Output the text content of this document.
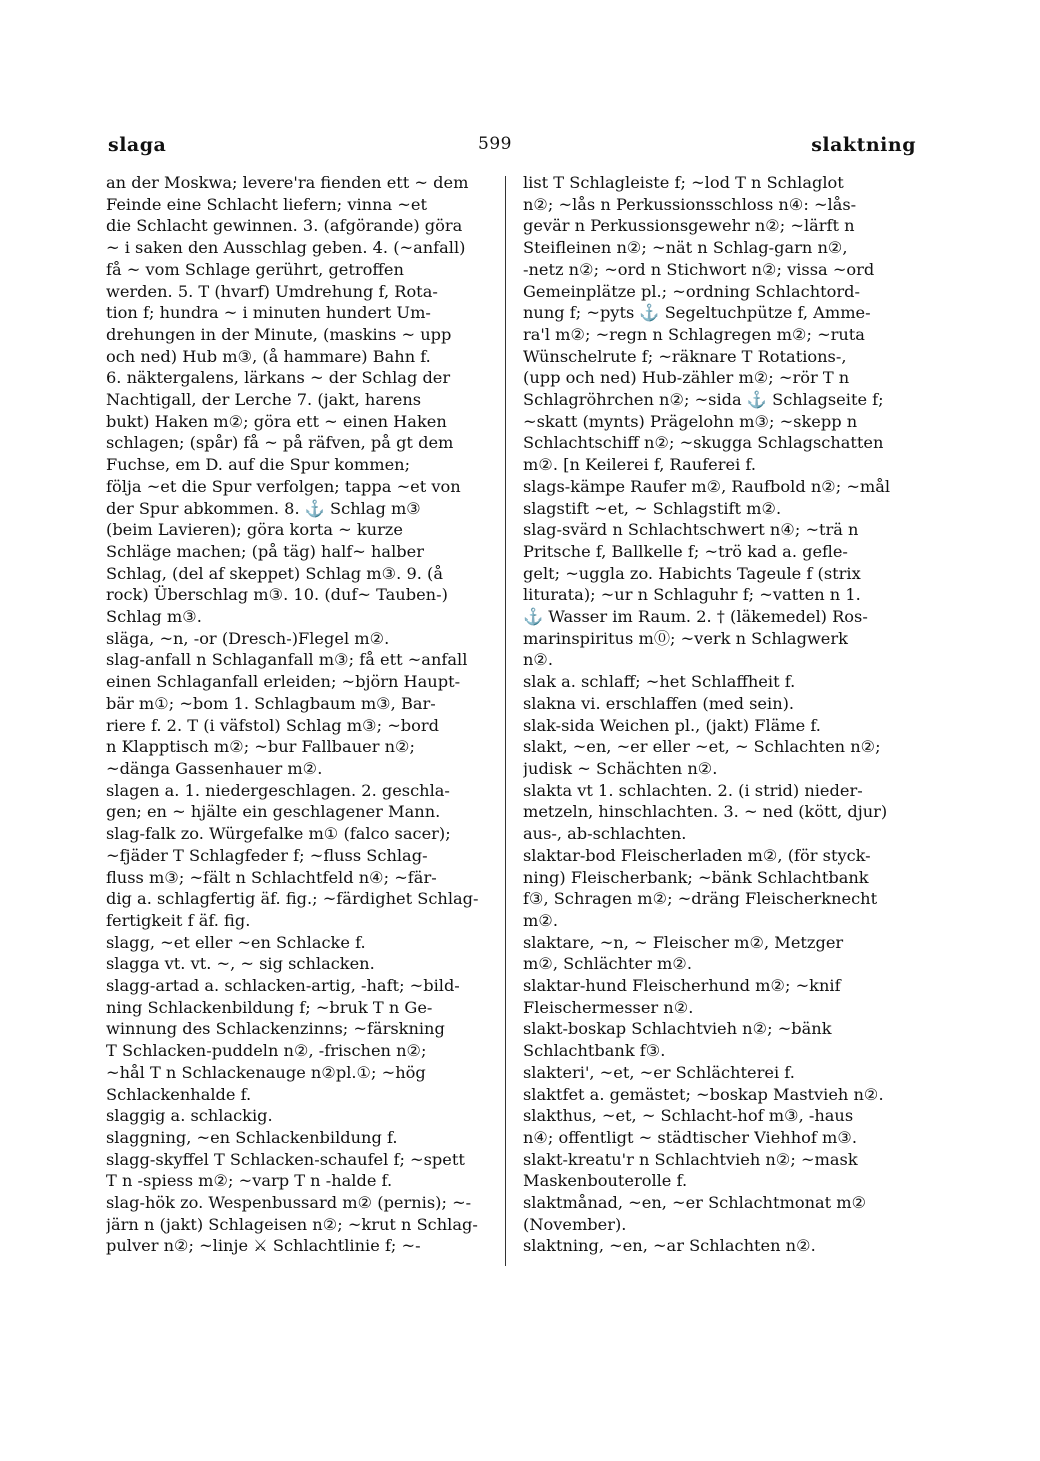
slaga	599	slaktning
an der Moskwa; levere'ra fienden ett ~ dem
Feinde eine Schlacht liefern; vinna ~et
die Schlacht gewinnen. 3. (afgörande) göra
~ i saken den Ausschlag geben. 4. (~anfall)
få ~ vom Schlage gerührt, getroffen
werden. 5. T (hvarf) Umdrehung f, Rota-
tion f; hundra ~ i minuten hundert Um-
drehungen in der Minute, (maskins ~ upp
och ned) Hub m③, (å hammare) Bahn f.
6. näktergalens, lärkans ~ der Schlag der
Nachtigall, der Lerche 7. (jakt, harens
bukt) Haken m②; göra ett ~ einen Haken
schlagen; (spår) få ~ på räfven, på gt dem
Fuchse, em D. auf die Spur kommen;
följa ~et die Spur verfolgen; tappa ~et von
der Spur abkommen. 8. ⚓ Schlag m③
(beim Lavieren); göra korta ~ kurze
Schläge machen; (på täg) half~ halber
Schlag, (del af skeppet) Schlag m③. 9. (å
rock) Überschlag m③. 10. (duf~ Tauben-)
Schlag m③.
släga, ~n, -or (Dresch-)Flegel m②.
slag-anfall n Schlaganfall m③; få ett ~anfall
einen Schlaganfall erleiden; ~björn Haupt-
bär m①; ~bom 1. Schlagbaum m③, Bar-
riere f. 2. T (i väfstol) Schlag m③; ~bord
n Klapptisch m②; ~bur Fallbauer n②;
~dänga Gassenhauer m②.
slagen a. 1. niedergeschlagen. 2. geschla-
gen; en ~ hjälte ein geschlagener Mann.
slag-falk zo. Würgefalke m① (falco sacer);
~fjäder T Schlagfeder f; ~fluss Schlag-
fluss m③; ~fält n Schlachtfeld n④; ~fär-
dig a. schlagfertig äf. fig.; ~färdighet Schlag-
fertigkeit f äf. fig.
slagg, ~et eller ~en Schlacke f.
slagga vt. vt. ~, ~ sig schlacken.
slagg-artad a. schlacken-artig, -haft; ~bild-
ning Schlackenbildung f; ~bruk T n Ge-
winnung des Schlackenzinns; ~färskning
T Schlacken-puddeln n②, -frischen n②;
~hål T n Schlackenauge n②pl.①; ~hög
Schlackenhalde f.
slaggig a. schlackig.
slaggning, ~en Schlackenbildung f.
slagg-skyffel T Schlacken-schaufel f; ~spett
T n -spiess m②; ~varp T n -halde f.
slag-hök zo. Wespenbussard m② (pernis); ~-
järn n (jakt) Schlageisen n②; ~krut n Schlag-
pulver n②; ~linje ⚔ Schlachtlinie f; ~-
list T Schlagleiste f; ~lod T n Schlaglot
n②; ~lås n Perkussionsschloss n④: ~lås-
gevär n Perkussionsgewehr n②; ~lärft n
Steifleinen n②; ~nät n Schlag-garn n②,
-netz n②; ~ord n Stichwort n②; vissa ~ord
Gemeinplätze pl.; ~ordning Schlachtord-
nung f; ~pyts ⚓ Segeltuchpütze f, Amme-
ra'l m②; ~regn n Schlagregen m②; ~ruta
Wünschelrute f; ~räknare T Rotations-,
(upp och ned) Hub-zähler m②; ~rör T n
Schlagröhrchen n②; ~sida ⚓ Schlagseite f;
~skatt (mynts) Prägelohn m③; ~skepp n
Schlachtschiff n②; ~skugga Schlagschatten
m②. [n Keilerei f, Rauferei f.
slags-kämpe Raufer m②, Raufbold n②; ~mål
slagstift ~et, ~ Schlagstift m②.
slag-svärd n Schlachtschwert n④; ~trä n
Pritsche f, Ballkelle f; ~trö kad a. gefle-
gelt; ~uggla zo. Habichts Tageule f (strix
liturata); ~ur n Schlaguhr f; ~vatten n 1.
⚓ Wasser im Raum. 2. † (läkemedel) Ros-
marinspiritus m⓪; ~verk n Schlagwerk
n②.
slak a. schlaff; ~het Schlaffheit f.
slakna vi. erschlaffen (med sein).
slak-sida Weichen pl., (jakt) Fläme f.
slakt, ~en, ~er eller ~et, ~ Schlachten n②;
judisk ~ Schächten n②.
slakta vt 1. schlachten. 2. (i strid) nieder-
metzeln, hinschlachten. 3. ~ ned (kött, djur)
aus-, ab-schlachten.
slaktar-bod Fleischerladen m②, (för styck-
ning) Fleischerbank; ~bänk Schlachtbank
f③, Schragen m②; ~dräng Fleischerknecht
m②.
slaktare, ~n, ~ Fleischer m②, Metzger
m②, Schlächter m②.
slaktar-hund Fleischerhund m②; ~knif
Fleischermesser n②.
slakt-boskap Schlachtvieh n②; ~bänk
Schlachtbank f③.
slakteri', ~et, ~er Schlächterei f.
slaktfet a. gemästet; ~boskap Mastvieh n②.
slakthus, ~et, ~ Schlacht-hof m③, -haus
n④; offentligt ~ städtischer Viehhof m③.
slakt-kreatu'r n Schlachtvieh n②; ~mask
Maskenbouterolle f.
slaktmånad, ~en, ~er Schlachtmonat m②
(November).
slaktning, ~en, ~ar Schlachten n②.
